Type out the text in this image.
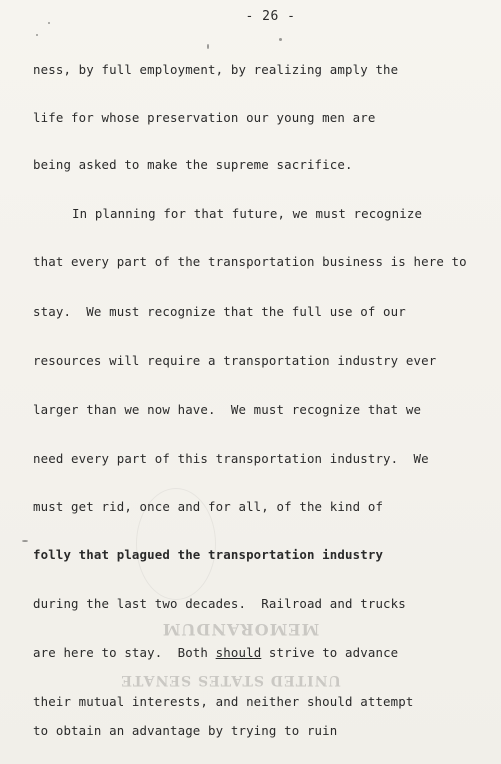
- 26 -
ness, by full employment, by realizing amply the
life for whose preservation our young men are
being asked to make the supreme sacrifice.
In planning for that future, we must recognize
that every part of the transportation business is here to
stay.  We must recognize that the full use of our
resources will require a transportation industry ever
larger than we now have.  We must recognize that we
need every part of this transportation industry.  We
must get rid, once and for all, of the kind of
folly that plagued the transportation industry
during the last two decades.  Railroad and trucks
are here to stay.  Both should strive to advance
their mutual interests, and neither should attempt
to obtain an advantage by trying to ruin
MEMORANDUM
UNITED STATES SENATE
